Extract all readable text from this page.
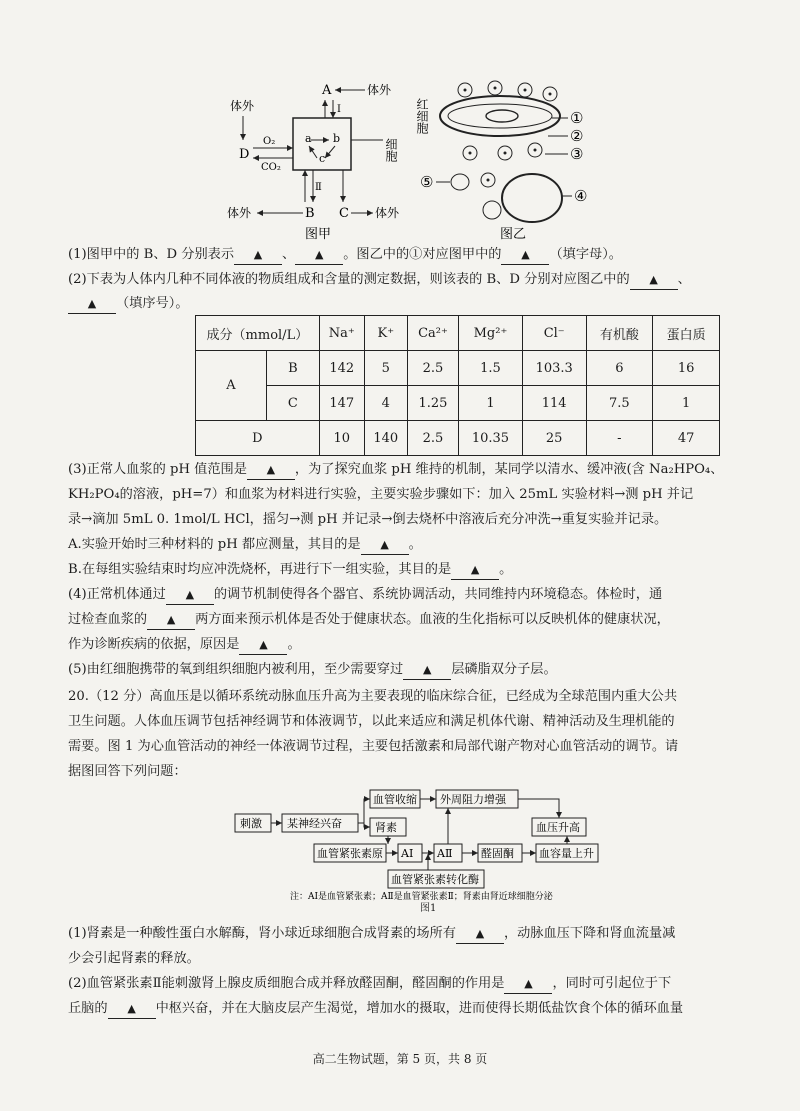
A	体外
I
体外
D
O₂
CO₂
a b
c	细胞
Ⅱ
体外	B C 体外
图甲
红细胞	①
②
③
④
⑤
图乙
(1)图甲中的 B、D 分别表示 ▲ 、 ▲ 。图乙中的①对应图甲中的 ▲ （填字母）。
(2)下表为人体内几种不同体液的物质组成和含量的测定数据，则该表的 B、D 分别对应图乙中的 ▲ 、
▲ （填序号）。
成分（mmol/L）		Na⁺	K⁺	Ca²⁺	Mg²⁺	Cl⁻	有机酸	蛋白质
A	B	142	5	2.5	1.5	103.3	6	16
	C	147	4	1.25	1	114	7.5	1
D		10	140	2.5	10.35	25	-	47
(3)正常人血浆的 pH 值范围是 ▲ ，为了探究血浆 pH 维持的机制，某同学以清水、缓冲液(含 Na₂HPO₄、
KH₂PO₄的溶液，pH=7）和血浆为材料进行实验，主要实验步骤如下：加入 25mL 实验材料→测 pH 并记
录→滴加 5mL 0. 1mol/L HCl，摇匀→测 pH 并记录→倒去烧杯中溶液后充分冲洗→重复实验并记录。
A.实验开始时三种材料的 pH 都应测量，其目的是 ▲ 。
B.在每组实验结束时均应冲洗烧杯，再进行下一组实验，其目的是 ▲ 。
(4)正常机体通过 ▲ 的调节机制使得各个器官、系统协调活动，共同维持内环境稳态。体检时，通
过检查血浆的 ▲ 两方面来预示机体是否处于健康状态。血液的生化指标可以反映机体的健康状况，
作为诊断疾病的依据，原因是 ▲ 。
(5)由红细胞携带的氧到组织细胞内被利用，至少需要穿过 ▲ 层磷脂双分子层。
20.（12 分）高血压是以循环系统动脉血压升高为主要表现的临床综合征，已经成为全球范围内重大公共
卫生问题。人体血压调节包括神经调节和体液调节，以此来适应和满足机体代谢、精神活动及生理机能的
需要。图 1 为心血管活动的神经一体液调节过程，主要包括激素和局部代谢产物对心血管活动的调节。请
据图回答下列问题：
刺激 某神经兴奋
血管收缩 外周阻力增强
肾素	血压升高
血管紧张素原 AⅠ AⅡ	醛固酮 血容量上升
血管紧张素转化酶
注：AⅠ是血管紧张素；AⅡ是血管紧张素Ⅱ；肾素由肾近球细胞分泌
图1
(1)肾素是一种酸性蛋白水解酶，肾小球近球细胞合成肾素的场所有 ▲ ，动脉血压下降和肾血流量减
少会引起肾素的释放。
(2)血管紧张素Ⅱ能刺激肾上腺皮质细胞合成并释放醛固酮，醛固酮的作用是 ▲ ，同时可引起位于下
丘脑的 ▲ 中枢兴奋，并在大脑皮层产生渴觉，增加水的摄取，进而使得长期低盐饮食个体的循环血量
高二生物试题，第 5 页，共 8 页
